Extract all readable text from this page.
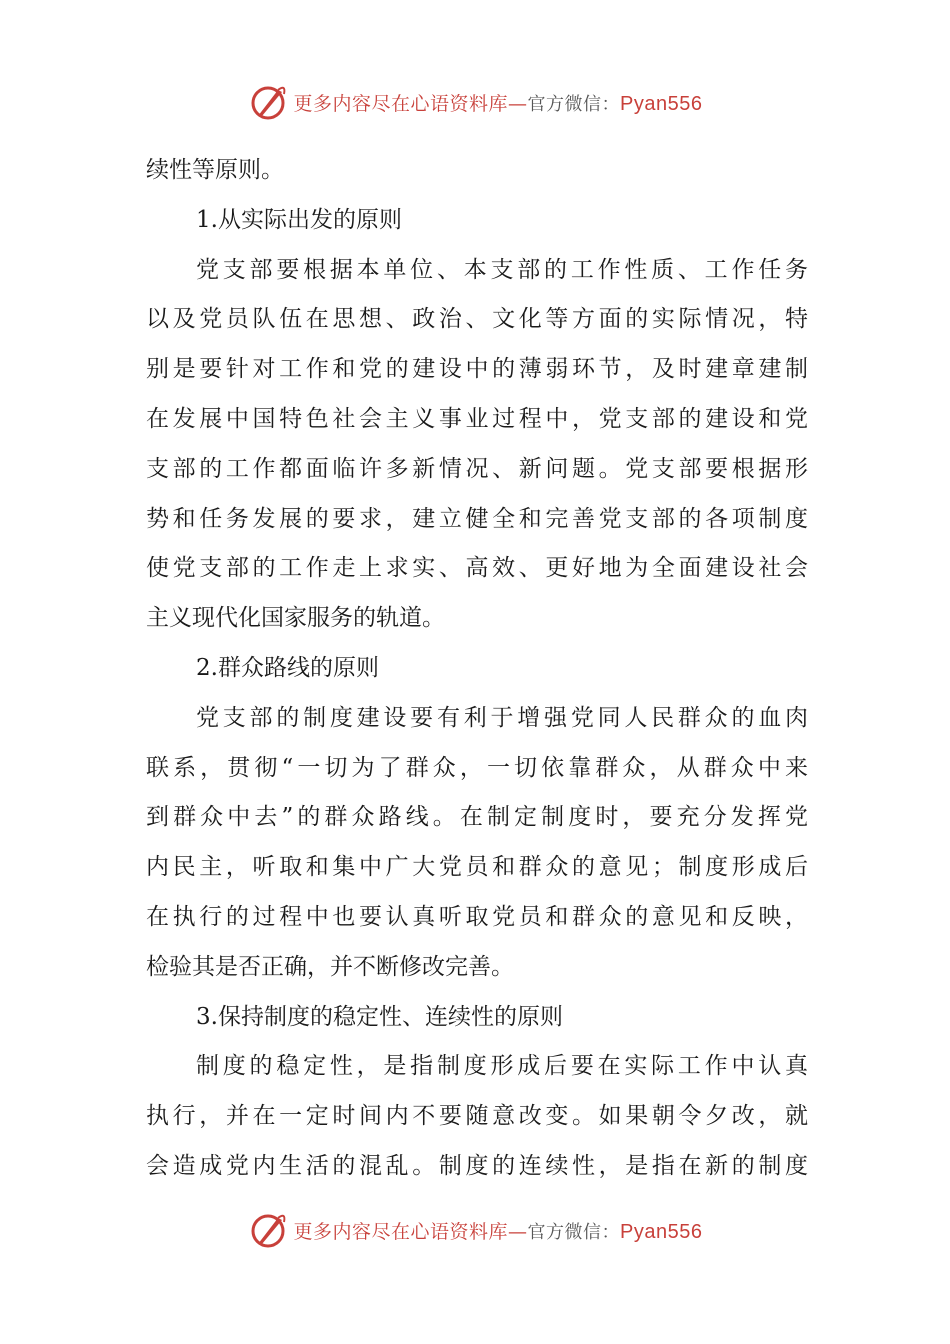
更多内容尽在心语资料库—官方微信：Pyan556
续性等原则。
1.从实际出发的原则
党支部要根据本单位、本支部的工作性质、工作任务
以及党员队伍在思想、政治、文化等方面的实际情况，特
别是要针对工作和党的建设中的薄弱环节，及时建章建制
在发展中国特色社会主义事业过程中，党支部的建设和党
支部的工作都面临许多新情况、新问题。党支部要根据形
势和任务发展的要求，建立健全和完善党支部的各项制度
使党支部的工作走上求实、高效、更好地为全面建设社会
主义现代化国家服务的轨道。
2.群众路线的原则
党支部的制度建设要有利于增强党同人民群众的血肉
联系，贯彻“一切为了群众，一切依靠群众，从群众中来
到群众中去”的群众路线。在制定制度时，要充分发挥党
内民主，听取和集中广大党员和群众的意见；制度形成后
在执行的过程中也要认真听取党员和群众的意见和反映，
检验其是否正确，并不断修改完善。
3.保持制度的稳定性、连续性的原则
制度的稳定性，是指制度形成后要在实际工作中认真
执行，并在一定时间内不要随意改变。如果朝令夕改，就
会造成党内生活的混乱。制度的连续性，是指在新的制度
更多内容尽在心语资料库—官方微信：Pyan556
